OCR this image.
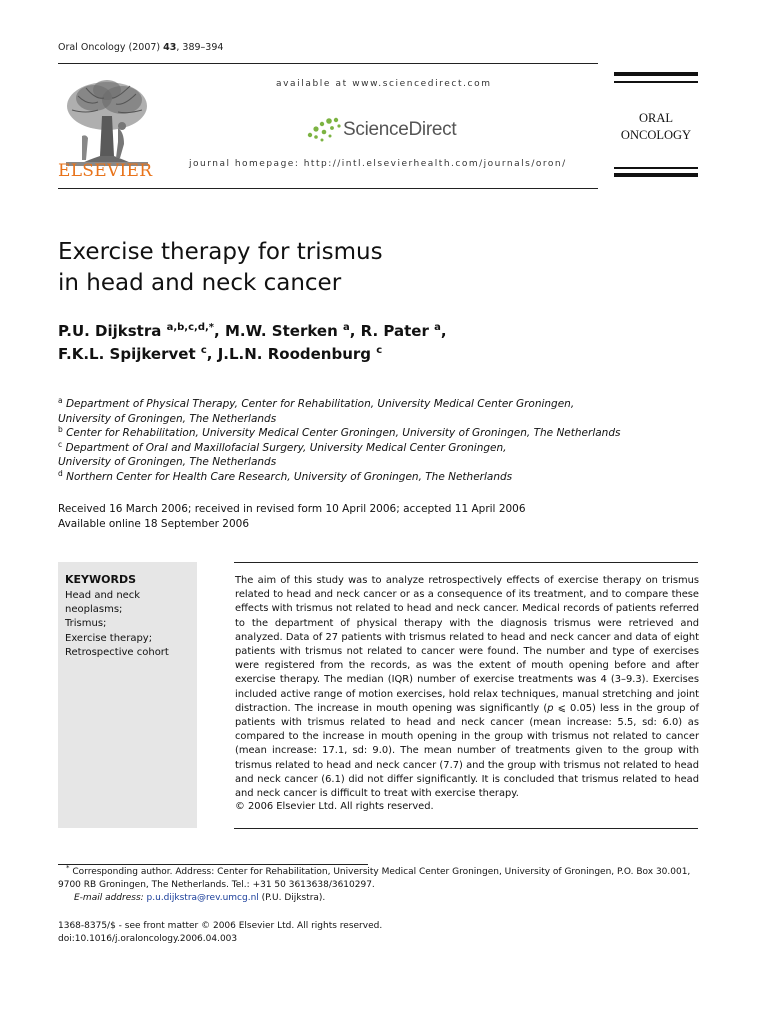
Oral Oncology (2007) 43, 389–394
ELSEVIER
available at www.sciencedirect.com
ScienceDirect
journal homepage: http://intl.elsevierhealth.com/journals/oron/
ORAL
ONCOLOGY
Exercise therapy for trismus
in head and neck cancer
P.U. Dijkstra $^{a,b,c,d,*}$, M.W. Sterken $^a$, R. Pater $^a$,
F.K.L. Spijkervet $^c$, J.L.N. Roodenburg $^c$
$^a$ Department of Physical Therapy, Center for Rehabilitation, University Medical Center Groningen,
University of Groningen, The Netherlands
$^b$ Center for Rehabilitation, University Medical Center Groningen, University of Groningen, The Netherlands
$^c$ Department of Oral and Maxillofacial Surgery, University Medical Center Groningen,
University of Groningen, The Netherlands
$^d$ Northern Center for Health Care Research, University of Groningen, The Netherlands
Received 16 March 2006; received in revised form 10 April 2006; accepted 11 April 2006
Available online 18 September 2006
KEYWORDS
Head and neck neoplasms;
Trismus;
Exercise therapy;
Retrospective cohort
The aim of this study was to analyze retrospectively effects of exercise therapy on trismus related to head and neck cancer or as a consequence of its treatment, and to compare these effects with trismus not related to head and neck cancer. Medical records of patients referred to the department of physical therapy with the diagnosis trismus were retrieved and analyzed. Data of 27 patients with trismus related to head and neck cancer and data of eight patients with trismus not related to cancer were found. The number and type of exercises were registered from the records, as was the extent of mouth opening before and after exercise therapy. The median (IQR) number of exercise treatments was 4 (3–9.3). Exercises included active range of motion exercises, hold relax techniques, manual stretching and joint distraction. The increase in mouth opening was significantly (p ⩽ 0.05) less in the group of patients with trismus related to head and neck cancer (mean increase: 5.5, sd: 6.0) as compared to the increase in mouth opening in the group with trismus not related to cancer (mean increase: 17.1, sd: 9.0). The mean number of treatments given to the group with trismus related to head and neck cancer (7.7) and the group with trismus not related to head and neck cancer (6.1) did not differ significantly. It is concluded that trismus related to head and neck cancer is difficult to treat with exercise therapy.
© 2006 Elsevier Ltd. All rights reserved.
* Corresponding author. Address: Center for Rehabilitation, University Medical Center Groningen, University of Groningen, P.O. Box 30.001, 9700 RB Groningen, The Netherlands. Tel.: +31 50 3613638/3610297.
E-mail address: p.u.dijkstra@rev.umcg.nl (P.U. Dijkstra).
1368-8375/$ - see front matter © 2006 Elsevier Ltd. All rights reserved.
doi:10.1016/j.oraloncology.2006.04.003
